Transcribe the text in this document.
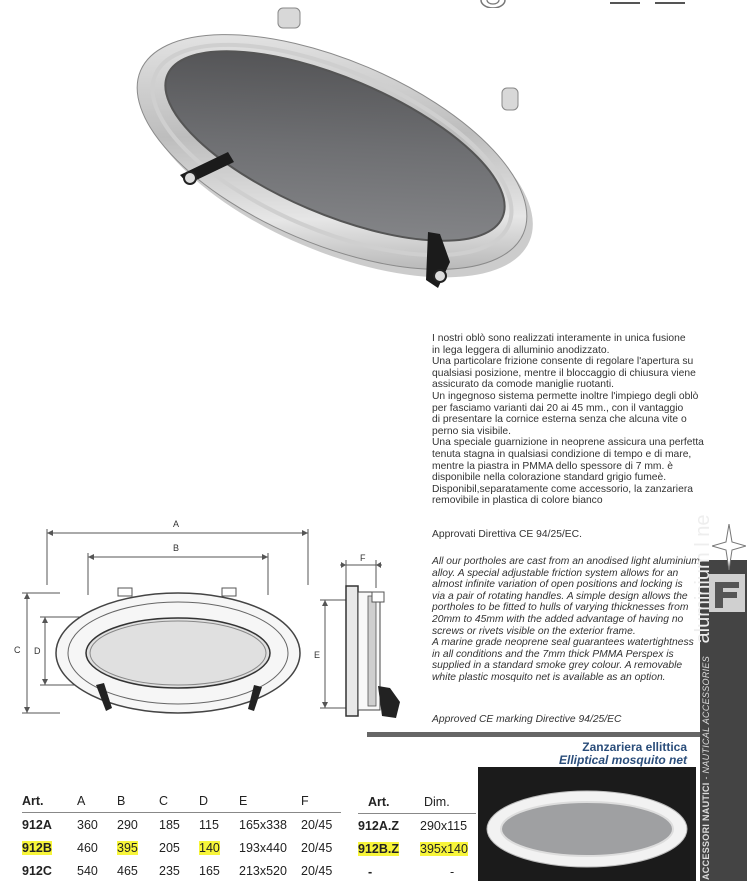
A
B
C D
F
E

I nostri oblò sono realizzati interamente in unica fusione

in lega leggera di alluminio anodizzato.

Una particolare frizione consente di regolare l'apertura su

qualsiasi posizione, mentre il bloccaggio di chiusura viene

assicurato da comode maniglie ruotanti.

Un ingegnoso sistema permette inoltre l'impiego degli oblò

per fasciamo varianti dai 20 ai 45 mm., con il vantaggio

di presentare la cornice esterna senza che alcuna vite o

perno sia visibile.

Una speciale guarnizione in neoprene assicura una perfetta

tenuta stagna in qualsiasi condizione di tempo e di mare,

mentre la piastra in PMMA dello spessore di 7 mm. è

disponibile nella colorazione standard grigio fumeè.

Disponibil,separatamente come accessorio, la zanzariera

removibile in plastica di colore bianco

Approvati Direttiva CE 94/25/EC.

All our portholes are cast from an anodised light aluminium

alloy. A special adjustable friction system allows for an

almost infinite variation of open positions and locking is

via a pair of rotating handles. A simple design allows the

portholes to be fitted to hulls of varying thicknesses from

20mm to 45mm with the added advantage of having no

screws or rivets visible on the exterior frame.

A marine grade neoprene seal guarantees watertightness

in all conditions and the 7mm thick PMMA Perspex is

supplied in a standard smoke grey colour. A removable

white plastic mosquito net is available as an option.

Approved CE marking Directive 94/25/EC
ACCESSORI NAUTICI - NAUTICAL ACCESSORIES aluminium l ne
Zanzariera ellittica
Elliptical mosquito net
Art.	A	B	C	D	E	F

912A	360	290	185	115	165x338	20/45
912B	460	395	205	140	193x440	20/45
912C	540	465	235	165	213x520	20/45
Art.	Dim.

912A.Z	290x115
912B.Z	395x140
-	-
